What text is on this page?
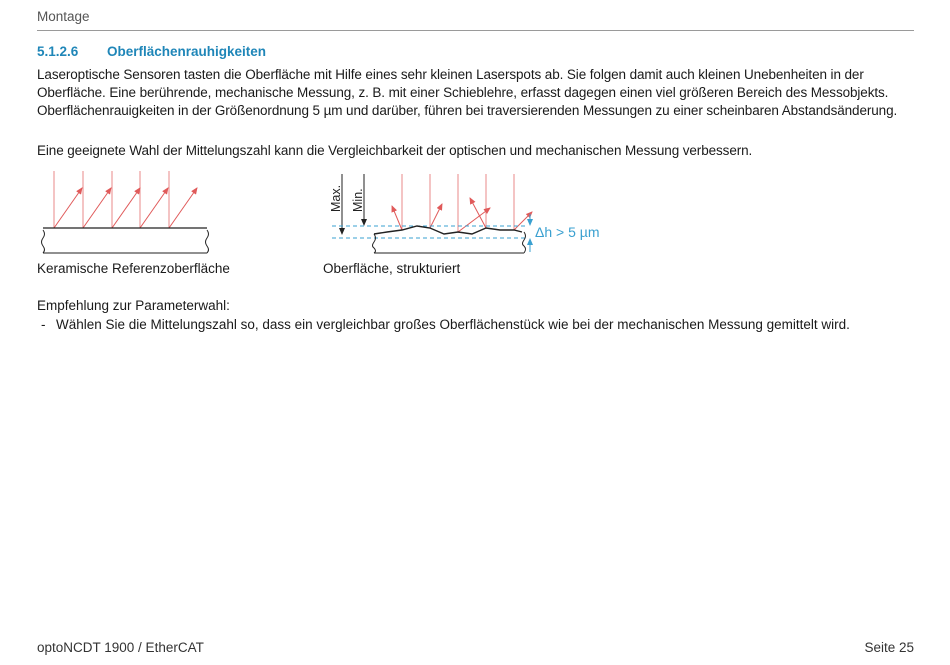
Montage
5.1.2.6 Oberflächenrauhigkeiten
Laseroptische Sensoren tasten die Oberfläche mit Hilfe eines sehr kleinen Laserspots ab. Sie folgen damit auch kleinen Unebenheiten in der Oberfläche. Eine berührende, mechanische Messung, z. B. mit einer Schieblehre, erfasst dagegen einen viel größeren Bereich des Messobjekts. Oberflächenrauigkeiten in der Größenordnung 5 µm und darüber, führen bei traversierenden Messungen zu einer scheinbaren Abstandsänderung.
Eine geeignete Wahl der Mittelungszahl kann die Vergleichbarkeit der optischen und mechanischen Messung verbessern.
Max. Min.
Δh > 5 µm
Keramische Referenzoberfläche	Oberfläche, strukturiert
Empfehlung zur Parameterwahl:
- Wählen Sie die Mittelungszahl so, dass ein vergleichbar großes Oberflächenstück wie bei der mechanischen Messung gemittelt wird.
optoNCDT 1900 / EtherCAT	Seite 25
